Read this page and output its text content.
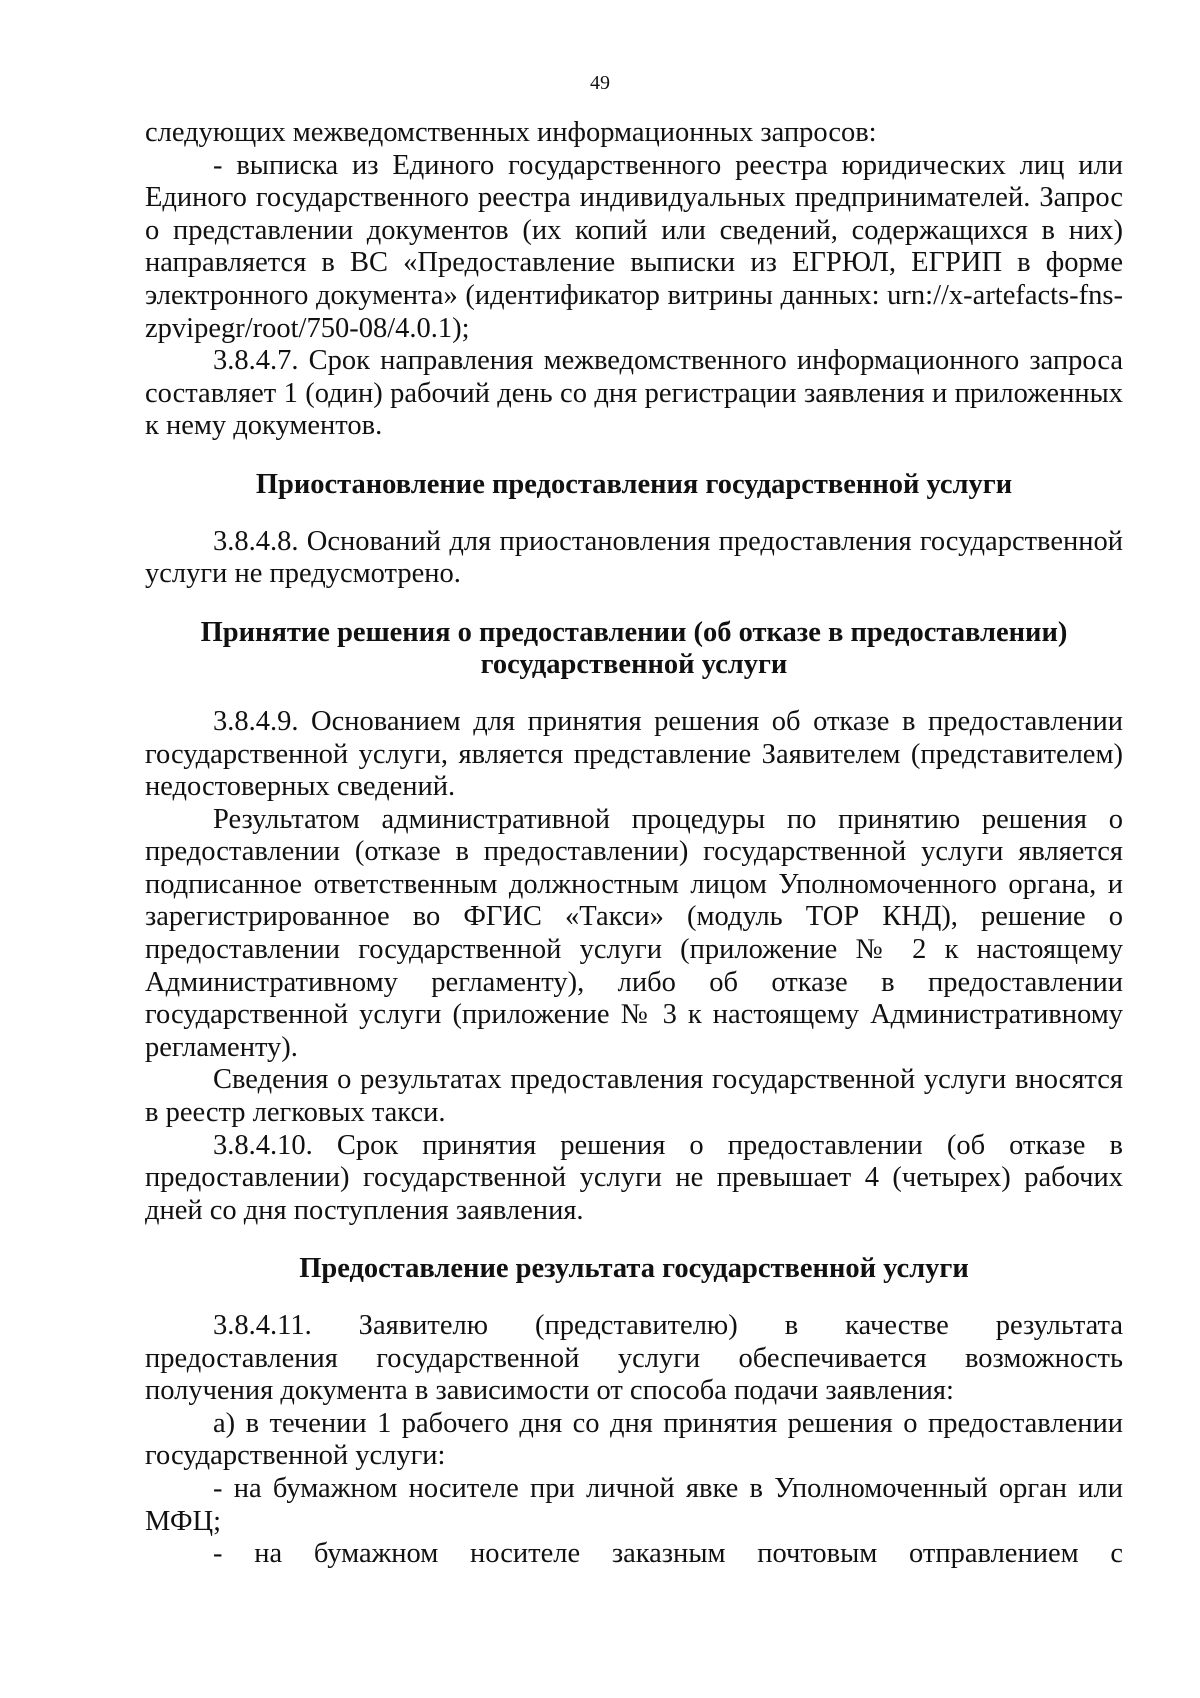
49

следующих межведомственных информационных запросов:

- выписка из Единого государственного реестра юридических лиц или Единого государственного реестра индивидуальных предпринимателей. Запрос о представлении документов (их копий или сведений, содержащихся в них) направляется в ВС «Предоставление выписки из ЕГРЮЛ, ЕГРИП в форме электронного документа» (идентификатор витрины данных: urn://x-artefacts-fns-zpvipegr/root/750-08/4.0.1);

3.8.4.7. Срок направления межведомственного информационного запроса составляет 1 (один) рабочий день со дня регистрации заявления и приложенных к нему документов.

Приостановление предоставления государственной услуги

3.8.4.8. Оснований для приостановления предоставления государственной услуги не предусмотрено.

Принятие решения о предоставлении (об отказе в предоставлении)

государственной услуги

3.8.4.9. Основанием для принятия решения об отказе в предоставлении государственной услуги, является представление Заявителем (представителем) недостоверных сведений.

Результатом административной процедуры по принятию решения о предоставлении (отказе в предоставлении) государственной услуги является подписанное ответственным должностным лицом Уполномоченного органа, и зарегистрированное во ФГИС «Такси» (модуль ТОР КНД), решение о предоставлении государственной услуги (приложение № 2 к настоящему Административному регламенту), либо об отказе в предоставлении государственной услуги (приложение № 3 к настоящему Административному регламенту).

Сведения о результатах предоставления государственной услуги вносятся в реестр легковых такси.

3.8.4.10. Срок принятия решения о предоставлении (об отказе в предоставлении) государственной услуги не превышает 4 (четырех) рабочих дней со дня поступления заявления.

Предоставление результата государственной услуги

3.8.4.11. Заявителю (представителю) в качестве результата предоставления государственной услуги обеспечивается возможность получения документа в зависимости от способа подачи заявления:

а) в течении 1 рабочего дня со дня принятия решения о предоставлении государственной услуги:

- на бумажном носителе при личной явке в Уполномоченный орган или МФЦ;

- на бумажном носителе заказным почтовым отправлением с
